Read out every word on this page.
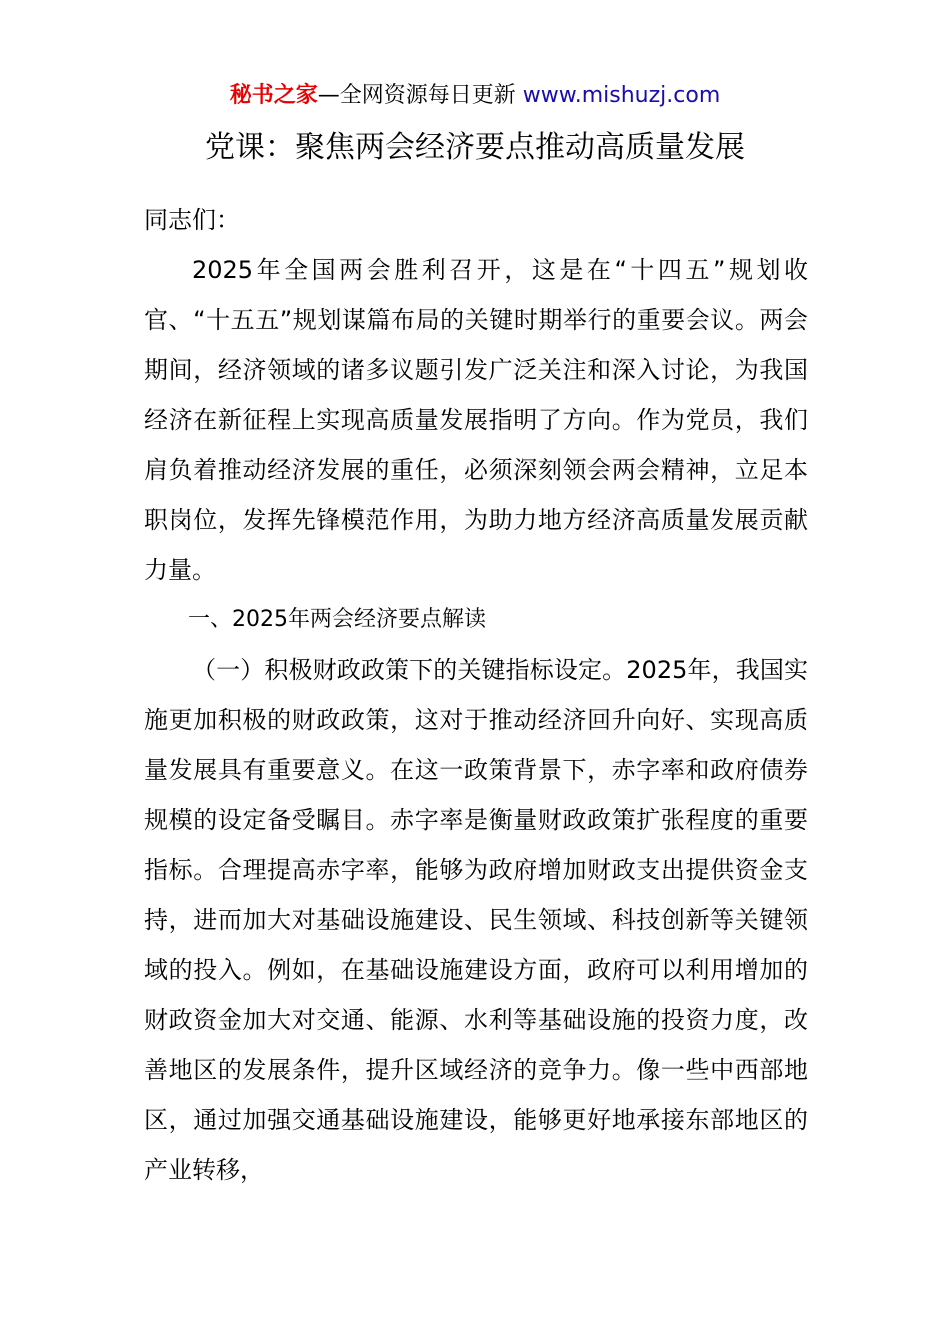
秘书之家—全网资源每日更新 www.mishuzj.com
党课：聚焦两会经济要点推动高质量发展

同志们：

2025年全国两会胜利召开，这是在“十四五”规划收官、“十五五”规划谋篇布局的关键时期举行的重要会议。两会期间，经济领域的诸多议题引发广泛关注和深入讨论，为我国经济在新征程上实现高质量发展指明了方向。作为党员，我们肩负着推动经济发展的重任，必须深刻领会两会精神，立足本职岗位，发挥先锋模范作用，为助力地方经济高质量发展贡献力量。

一、2025年两会经济要点解读

（一）积极财政政策下的关键指标设定。2025年，我国实施更加积极的财政政策，这对于推动经济回升向好、实现高质量发展具有重要意义。在这一政策背景下，赤字率和政府债券规模的设定备受瞩目。赤字率是衡量财政政策扩张程度的重要指标。合理提高赤字率，能够为政府增加财政支出提供资金支持，进而加大对基础设施建设、民生领域、科技创新等关键领域的投入。例如，在基础设施建设方面，政府可以利用增加的财政资金加大对交通、能源、水利等基础设施的投资力度，改善地区的发展条件，提升区域经济的竞争力。像一些中西部地区，通过加强交通基础设施建设，能够更好地承接东部地区的产业转移，
